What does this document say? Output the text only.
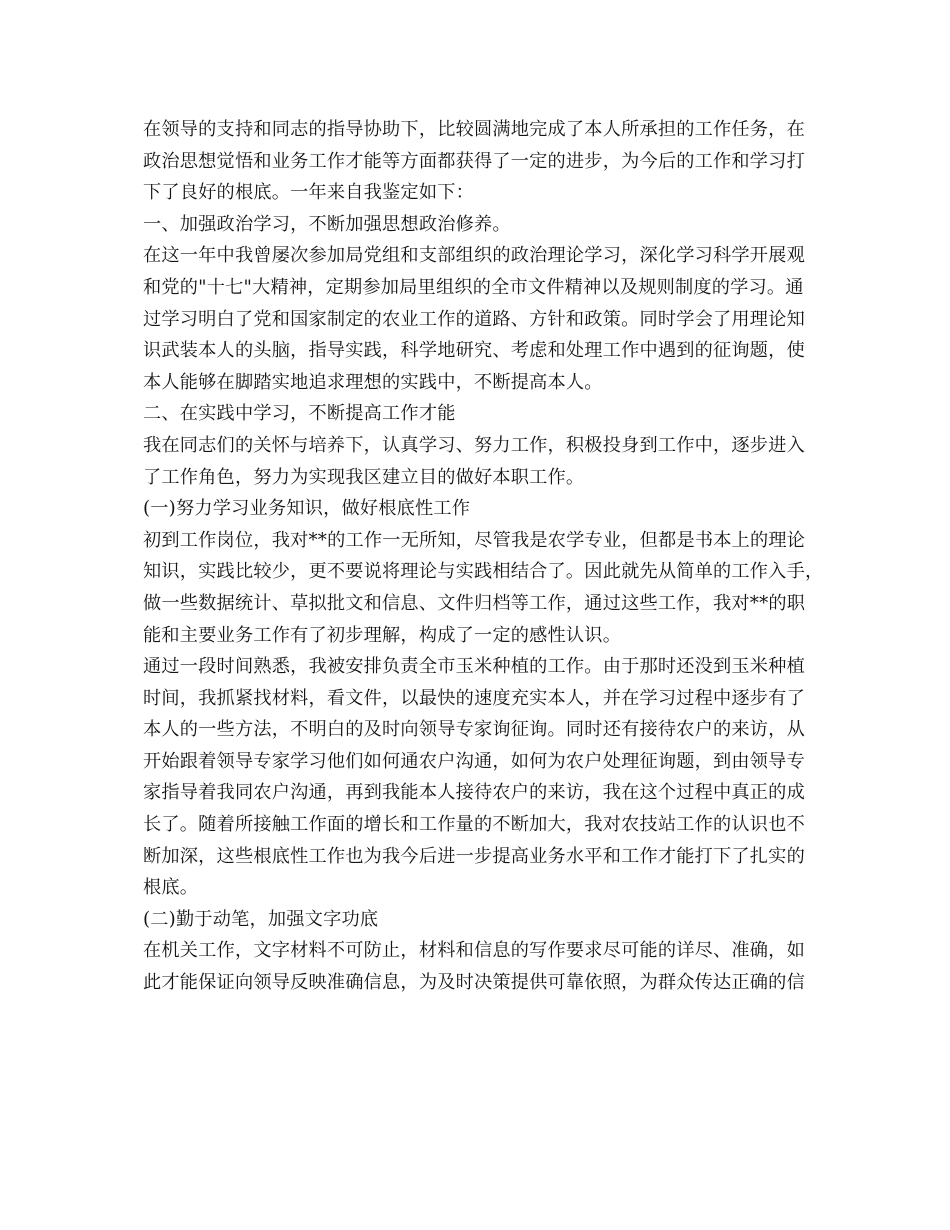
在领导的支持和同志的指导协助下，比较圆满地完成了本人所承担的工作任务，在
政治思想觉悟和业务工作才能等方面都获得了一定的进步，为今后的工作和学习打
下了良好的根底。一年来自我鉴定如下：

一、加强政治学习，不断加强思想政治修养。

在这一年中我曾屡次参加局党组和支部组织的政治理论学习，深化学习科学开展观
和党的"十七"大精神，定期参加局里组织的全市文件精神以及规则制度的学习。通
过学习明白了党和国家制定的农业工作的道路、方针和政策。同时学会了用理论知
识武装本人的头脑，指导实践，科学地研究、考虑和处理工作中遇到的征询题，使
本人能够在脚踏实地追求理想的实践中，不断提高本人。

二、在实践中学习，不断提高工作才能

我在同志们的关怀与培养下，认真学习、努力工作，积极投身到工作中，逐步进入
了工作角色，努力为实现我区建立目的做好本职工作。

(一)努力学习业务知识，做好根底性工作

初到工作岗位，我对**的工作一无所知，尽管我是农学专业，但都是书本上的理论
知识，实践比较少，更不要说将理论与实践相结合了。因此就先从简单的工作入手，
做一些数据统计、草拟批文和信息、文件归档等工作，通过这些工作，我对**的职
能和主要业务工作有了初步理解，构成了一定的感性认识。

通过一段时间熟悉，我被安排负责全市玉米种植的工作。由于那时还没到玉米种植
时间，我抓紧找材料，看文件，以最快的速度充实本人，并在学习过程中逐步有了
本人的一些方法，不明白的及时向领导专家询征询。同时还有接待农户的来访，从
开始跟着领导专家学习他们如何通农户沟通，如何为农户处理征询题，到由领导专
家指导着我同农户沟通，再到我能本人接待农户的来访，我在这个过程中真正的成
长了。随着所接触工作面的增长和工作量的不断加大，我对农技站工作的认识也不
断加深，这些根底性工作也为我今后进一步提高业务水平和工作才能打下了扎实的
根底。

(二)勤于动笔，加强文字功底

在机关工作，文字材料不可防止，材料和信息的写作要求尽可能的详尽、准确，如
此才能保证向领导反映准确信息，为及时决策提供可靠依照，为群众传达正确的信
